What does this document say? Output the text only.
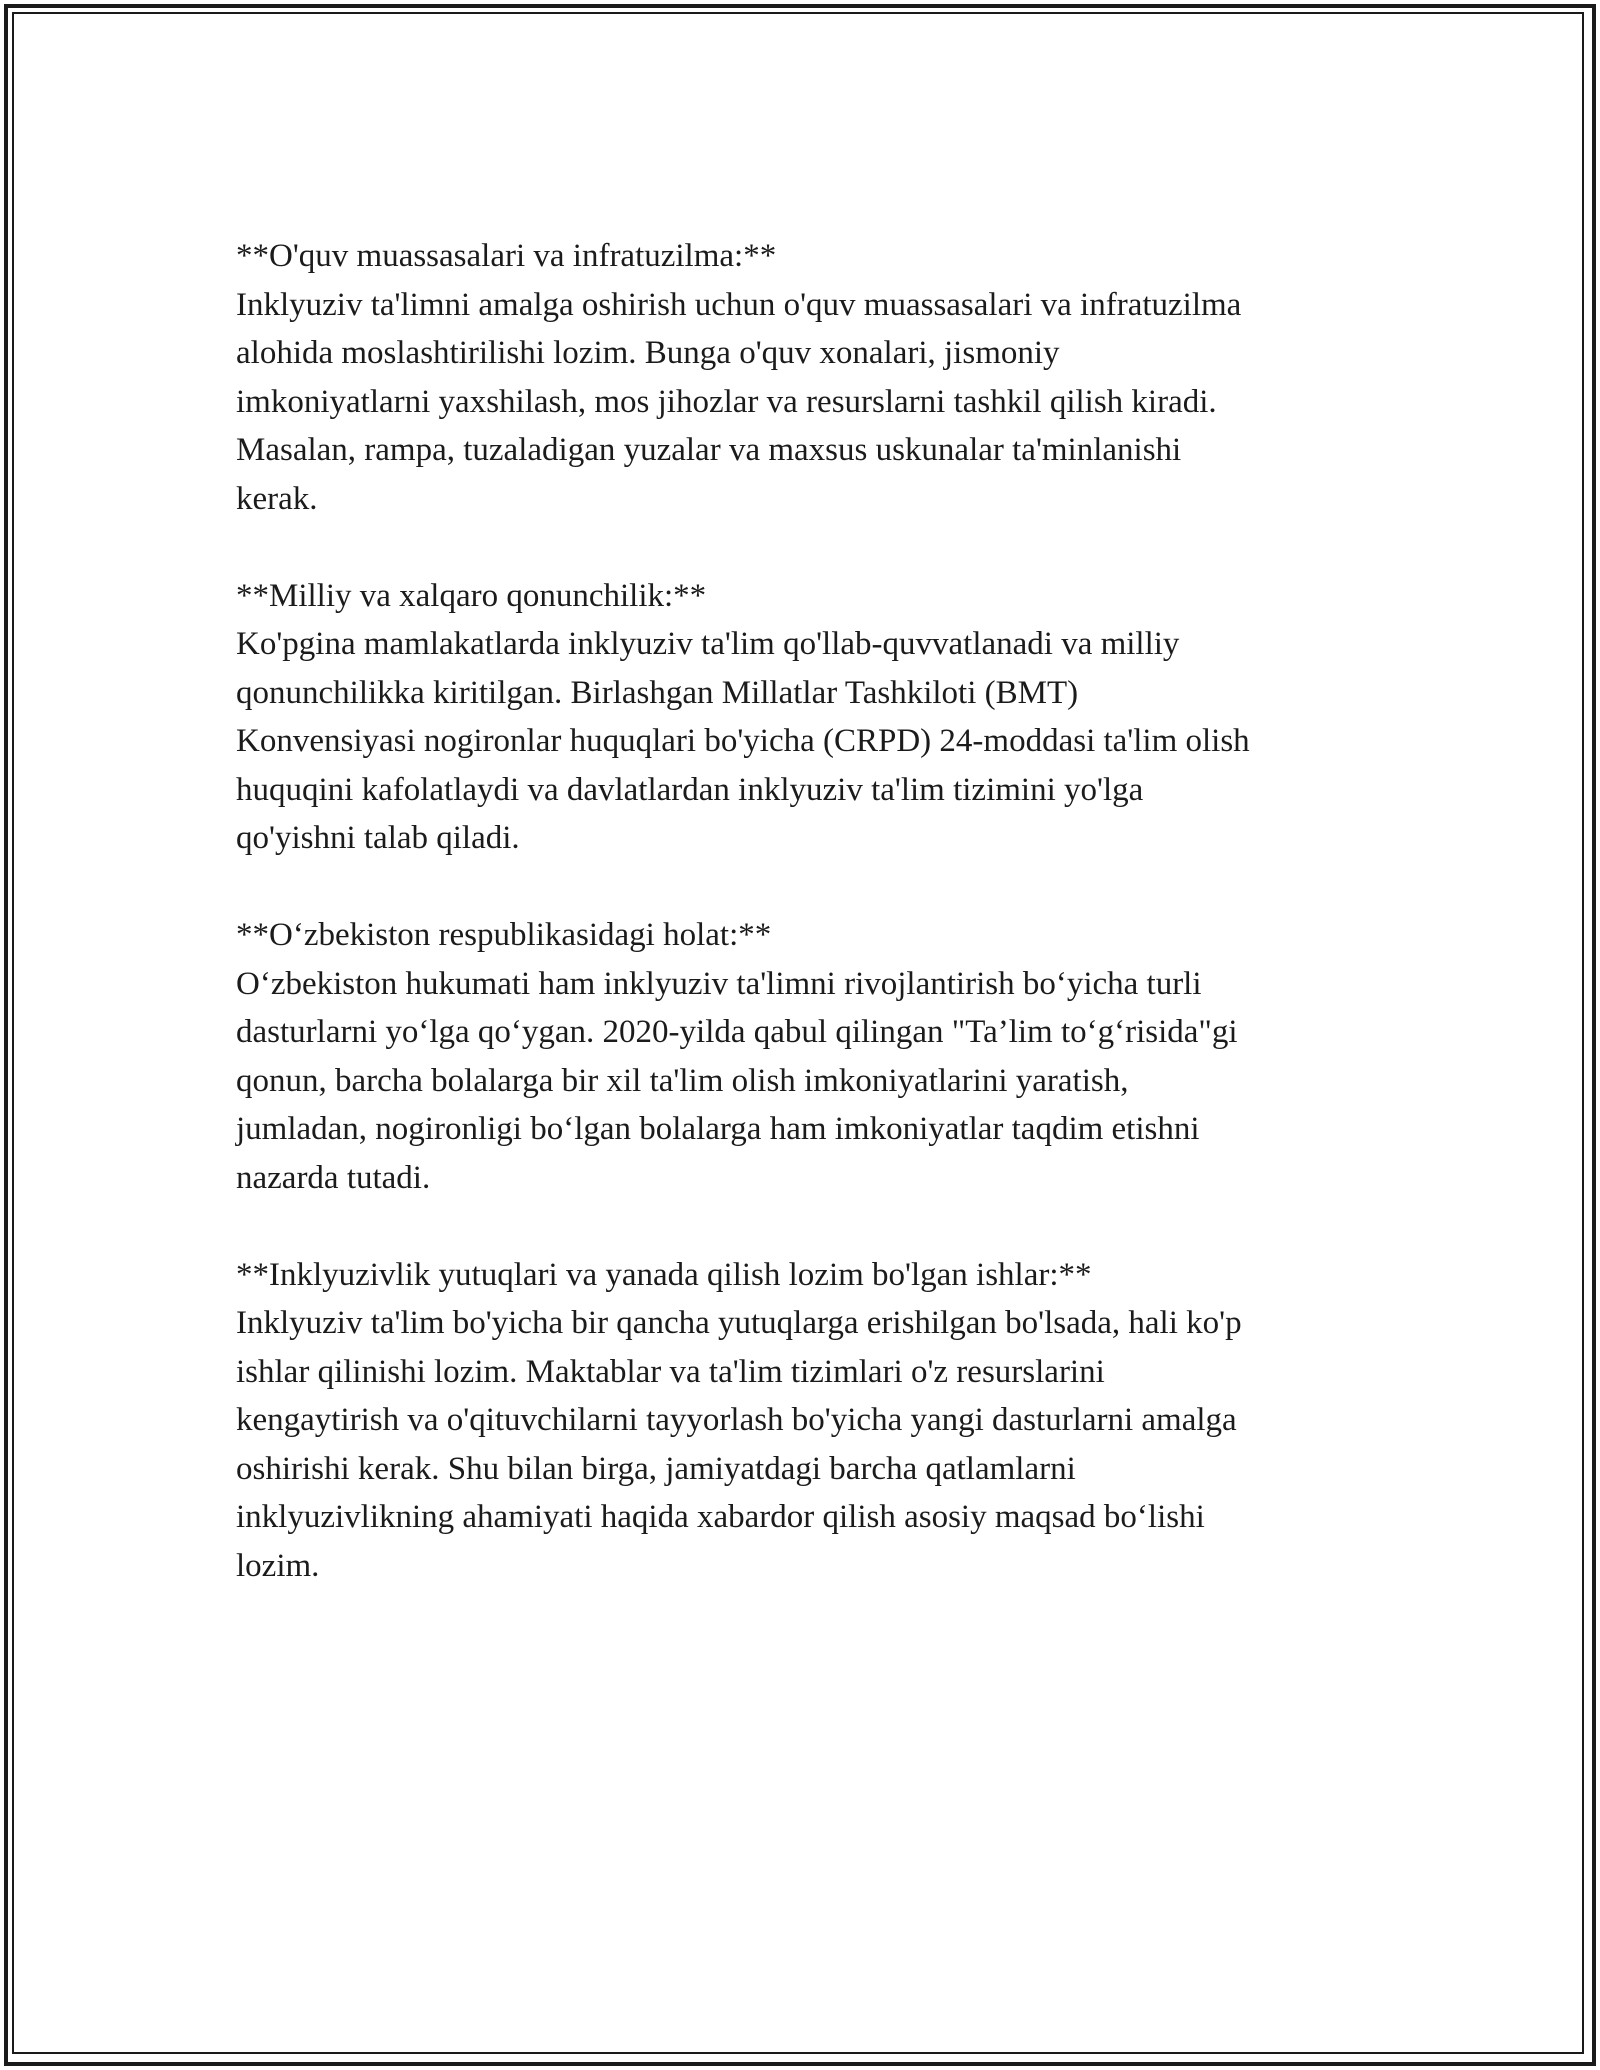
**O'quv muassasalari va infratuzilma:**
Inklyuziv ta'limni amalga oshirish uchun o'quv muassasalari va infratuzilma
alohida moslashtirilishi lozim. Bunga o'quv xonalari, jismoniy
imkoniyatlarni yaxshilash, mos jihozlar va resurslarni tashkil qilish kiradi.
Masalan, rampa, tuzaladigan yuzalar va maxsus uskunalar ta'minlanishi
kerak.
**Milliy va xalqaro qonunchilik:**
Ko'pgina mamlakatlarda inklyuziv ta'lim qo'llab-quvvatlanadi va milliy
qonunchilikka kiritilgan. Birlashgan Millatlar Tashkiloti (BMT)
Konvensiyasi nogironlar huquqlari bo'yicha (CRPD) 24-moddasi ta'lim olish
huquqini kafolatlaydi va davlatlardan inklyuziv ta'lim tizimini yo'lga
qo'yishni talab qiladi.
**O‘zbekiston respublikasidagi holat:**
O‘zbekiston hukumati ham inklyuziv ta'limni rivojlantirish bo‘yicha turli
dasturlarni yo‘lga qo‘ygan. 2020-yilda qabul qilingan "Ta’lim to‘g‘risida"gi
qonun, barcha bolalarga bir xil ta'lim olish imkoniyatlarini yaratish,
jumladan, nogironligi bo‘lgan bolalarga ham imkoniyatlar taqdim etishni
nazarda tutadi.
**Inklyuzivlik yutuqlari va yanada qilish lozim bo'lgan ishlar:**
Inklyuziv ta'lim bo'yicha bir qancha yutuqlarga erishilgan bo'lsada, hali ko'p
ishlar qilinishi lozim. Maktablar va ta'lim tizimlari o'z resurslarini
kengaytirish va o'qituvchilarni tayyorlash bo'yicha yangi dasturlarni amalga
oshirishi kerak. Shu bilan birga, jamiyatdagi barcha qatlamlarni
inklyuzivlikning ahamiyati haqida xabardor qilish asosiy maqsad bo‘lishi
lozim.
